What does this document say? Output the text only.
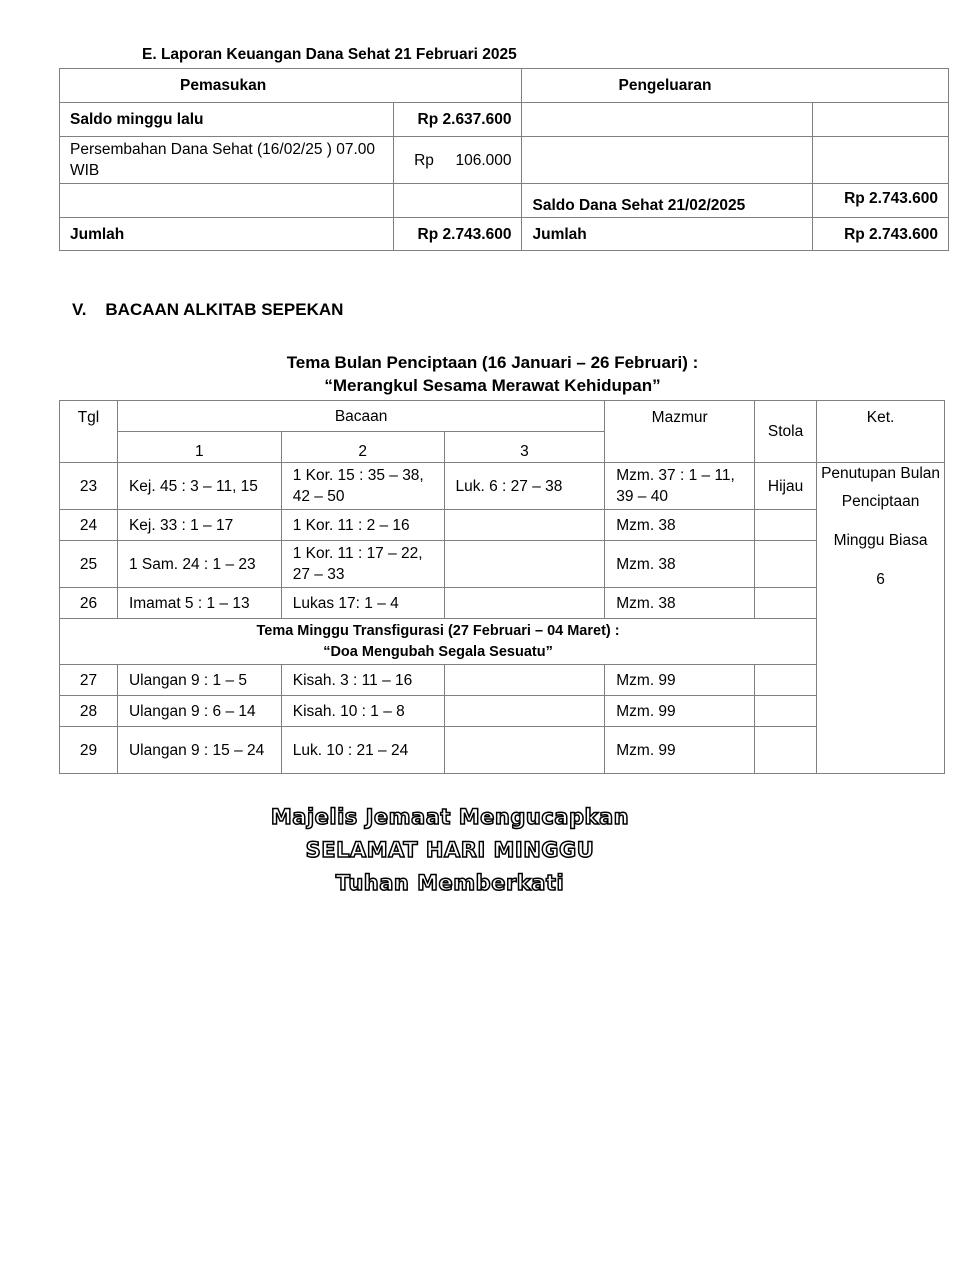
E. Laporan Keuangan Dana Sehat 21 Februari 2025
Pemasukan		Pengeluaran	
Saldo minggu lalu	Rp 2.637.600		
Persembahan Dana Sehat (16/02/25 ) 07.00 WIB	Rp     106.000		
		Saldo Dana Sehat 21/02/2025	Rp 2.743.600
Jumlah	Rp 2.743.600	Jumlah	Rp 2.743.600
V.    BACAAN ALKITAB SEPEKAN
Tema Bulan Penciptaan (16 Januari – 26 Februari) :
“Merangkul Sesama Merawat Kehidupan”
Tgl	Bacaan			Mazmur	Stola	Ket.
	1	2	3			
23	Kej. 45 : 3 – 11, 15	1 Kor. 15 : 35 – 38, 42 – 50	Luk. 6 : 27 – 38	Mzm. 37 : 1 – 11, 39 – 40	Hijau	Penutupan Bulan
Penciptaan
Minggu Biasa
6

24	Kej. 33 : 1 – 17	1 Kor. 11 : 2 – 16		Mzm. 38		
25	1 Sam. 24 : 1 – 23	1 Kor. 11 : 17 – 22, 27 – 33		Mzm. 38		
26	Imamat 5 : 1 – 13	Lukas 17: 1 – 4		Mzm. 38		

Tema Minggu Transfigurasi (27 Februari – 04 Maret) :
“Doa Mengubah Segala Sesuatu”						

27	Ulangan 9 : 1 – 5	Kisah. 3 : 11 – 16		Mzm. 99		
28	Ulangan 9 : 6 – 14	Kisah. 10 : 1 – 8		Mzm. 99		
29	Ulangan 9 : 15 – 24	Luk. 10 : 21 – 24		Mzm. 99		
Majelis Jemaat Mengucapkan
SELAMAT HARI MINGGU
Tuhan Memberkati
